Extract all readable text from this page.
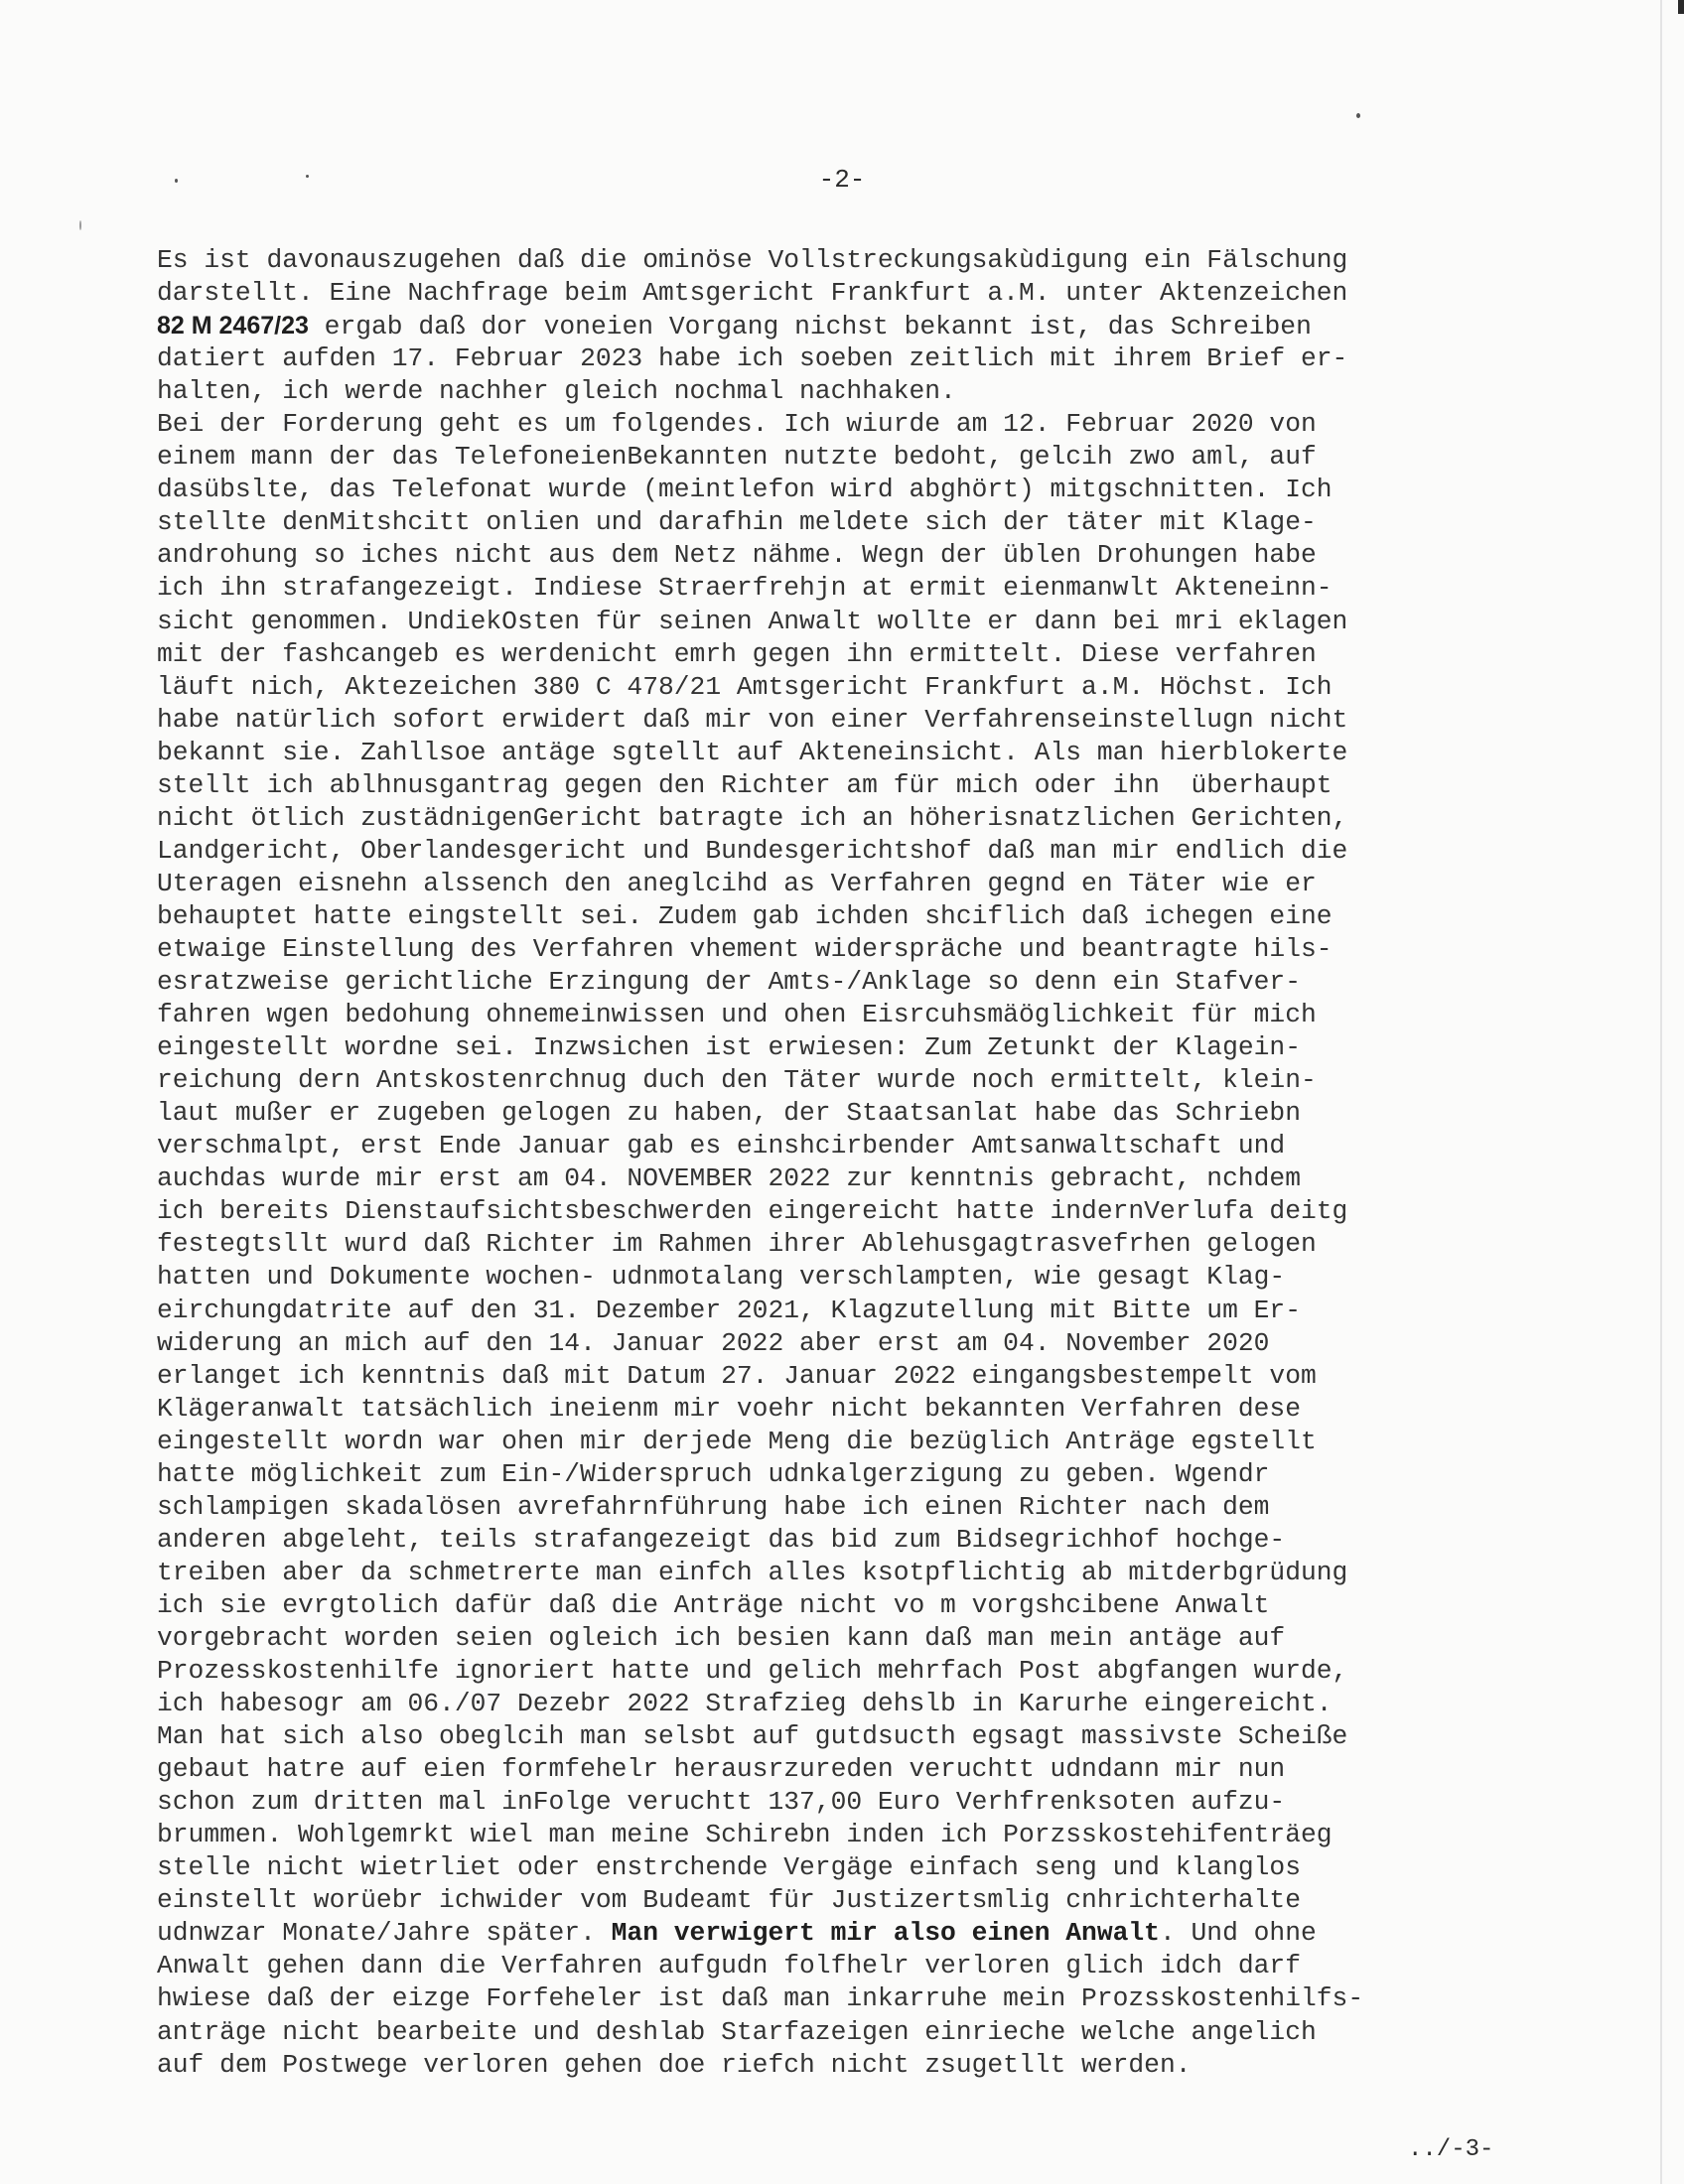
-2-
Es ist davonauszugehen daß die ominöse Vollstreckungsakùdigung ein Fälschung
darstellt. Eine Nachfrage beim Amtsgericht Frankfurt a.M. unter Aktenzeichen
82 M 2467/23 ergab daß dor voneien Vorgang nichst bekannt ist, das Schreiben
datiert aufden 17. Februar 2023 habe ich soeben zeitlich mit ihrem Brief er-
halten, ich werde nachher gleich nochmal nachhaken.
Bei der Forderung geht es um folgendes. Ich wiurde am 12. Februar 2020 von
einem mann der das TelefoneienBekannten nutzte bedoht, gelcih zwo aml, auf
dasübslte, das Telefonat wurde (meintlefon wird abghört) mitgschnitten. Ich
stellte denMitshcitt onlien und darafhin meldete sich der täter mit Klage-
androhung so iches nicht aus dem Netz nähme. Wegn der üblen Drohungen habe
ich ihn strafangezeigt. Indiese Straerfrehjn at ermit eienmanwlt Akteneinn-
sicht genommen. UndiekOsten für seinen Anwalt wollte er dann bei mri eklagen
mit der fashcangeb es werdenicht emrh gegen ihn ermittelt. Diese verfahren
läuft nich, Aktezeichen 380 C 478/21 Amtsgericht Frankfurt a.M. Höchst. Ich
habe natürlich sofort erwidert daß mir von einer Verfahrenseinstellugn nicht
bekannt sie. Zahllsoe antäge sgtellt auf Akteneinsicht. Als man hierblokerte
stellt ich ablhnusgantrag gegen den Richter am für mich oder ihn  überhaupt
nicht ötlich zustädnigenGericht batragte ich an höherisnatzlichen Gerichten,
Landgericht, Oberlandesgericht und Bundesgerichtshof daß man mir endlich die
Uteragen eisnehn alssench den aneglcihd as Verfahren gegnd en Täter wie er
behauptet hatte eingstellt sei. Zudem gab ichden shciflich daß ichegen eine
etwaige Einstellung des Verfahren vhement widerspräche und beantragte hils-
esratzweise gerichtliche Erzingung der Amts-/Anklage so denn ein Stafver-
fahren wgen bedohung ohnemeinwissen und ohen Eisrcuhsmäöglichkeit für mich
eingestellt wordne sei. Inzwsichen ist erwiesen: Zum Zetunkt der Klagein-
reichung dern Antskostenrchnug duch den Täter wurde noch ermittelt, klein-
laut mußer er zugeben gelogen zu haben, der Staatsanlat habe das Schriebn
verschmalpt, erst Ende Januar gab es einshcirbender Amtsanwaltschaft und
auchdas wurde mir erst am 04. NOVEMBER 2022 zur kenntnis gebracht, nchdem
ich bereits Dienstaufsichtsbeschwerden eingereicht hatte indernVerlufa deitg
festegtsllt wurd daß Richter im Rahmen ihrer Ablehusgagtrasvefrhen gelogen
hatten und Dokumente wochen- udnmotalang verschlampten, wie gesagt Klag-
eirchungdatrite auf den 31. Dezember 2021, Klagzutellung mit Bitte um Er-
widerung an mich auf den 14. Januar 2022 aber erst am 04. November 2020
erlanget ich kenntnis daß mit Datum 27. Januar 2022 eingangsbestempelt vom
Klägeranwalt tatsächlich ineienm mir voehr nicht bekannten Verfahren dese
eingestellt wordn war ohen mir derjede Meng die bezüglich Anträge egstellt
hatte möglichkeit zum Ein-/Widerspruch udnkalgerzigung zu geben. Wgendr
schlampigen skadalösen avrefahrnführung habe ich einen Richter nach dem
anderen abgeleht, teils strafangezeigt das bid zum Bidsegrichhof hochge-
treiben aber da schmetrerte man einfch alles ksotpflichtig ab mitderbgrüdung
ich sie evrgtolich dafür daß die Anträge nicht vo m vorgshcibene Anwalt
vorgebracht worden seien ogleich ich besien kann daß man mein antäge auf
Prozesskostenhilfe ignoriert hatte und gelich mehrfach Post abgfangen wurde,
ich habesogr am 06./07 Dezebr 2022 Strafzieg dehslb in Karurhe eingereicht.
Man hat sich also obeglcih man selsbt auf gutdsucth egsagt massivste Scheiße
gebaut hatre auf eien formfehelr herausrzureden veruchtt udndann mir nun
schon zum dritten mal inFolge veruchtt 137,00 Euro Verhfrenksoten aufzu-
brummen. Wohlgemrkt wiel man meine Schirebn inden ich Porzsskostehifenträeg
stelle nicht wietrliet oder enstrchende Vergäge einfach seng und klanglos
einstellt worüebr ichwider vom Budeamt für Justizertsmlig cnhrichterhalte
udnwzar Monate/Jahre später. Man verwigert mir also einen Anwalt. Und ohne
Anwalt gehen dann die Verfahren aufgudn folfhelr verloren glich idch darf
hwiese daß der eizge Forfeheler ist daß man inkarruhe mein Prozsskostenhilfs-
anträge nicht bearbeite und deshlab Starfazeigen einrieche welche angelich
auf dem Postwege verloren gehen doe riefch nicht zsugetllt werden.
../-3-
